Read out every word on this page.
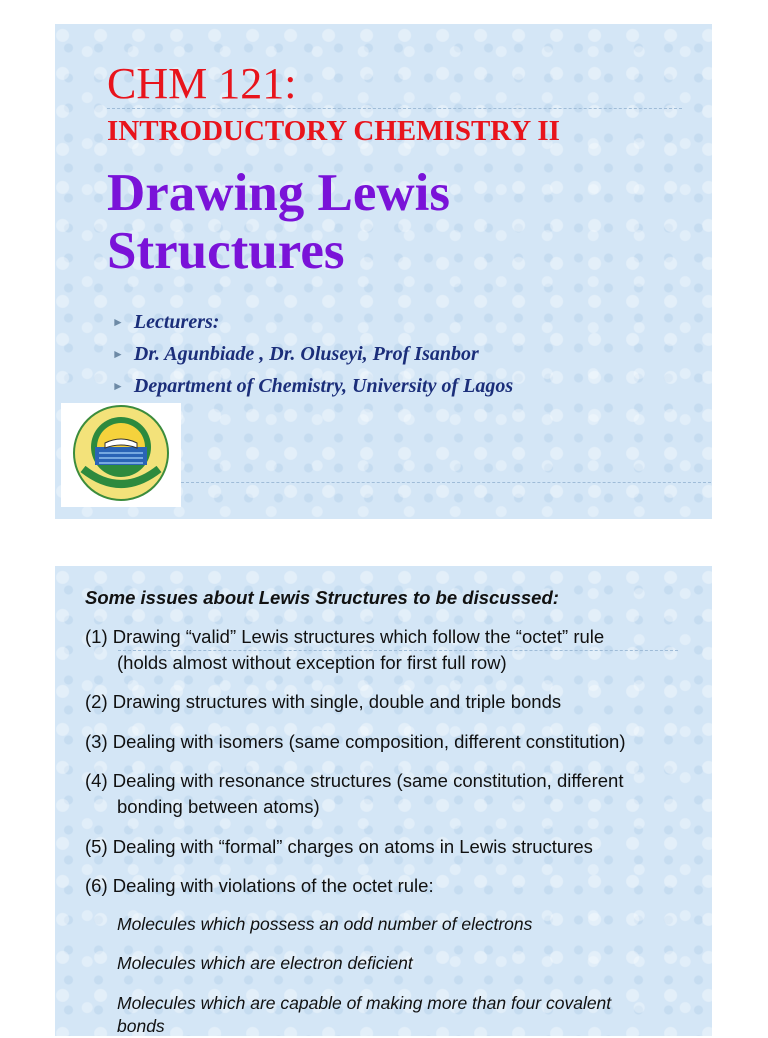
CHM 121:
INTRODUCTORY CHEMISTRY II
Drawing Lewis
Structures
► Lecturers:
► Dr. Agunbiade , Dr. Oluseyi, Prof Isanbor
► Department of Chemistry, University of Lagos
Some issues about Lewis Structures to be discussed:
(1) Drawing “valid” Lewis structures which follow the “octet” rule
(holds almost without exception for first full row)
(2) Drawing structures with single, double and triple bonds
(3) Dealing with isomers (same composition, different constitution)
(4) Dealing with resonance structures (same constitution, different
bonding between atoms)
(5) Dealing with “formal” charges on atoms in Lewis structures
(6) Dealing with violations of the octet rule:
Molecules which possess an odd number of electrons
Molecules which are electron deficient
Molecules which are capable of making more than four covalent
bonds
